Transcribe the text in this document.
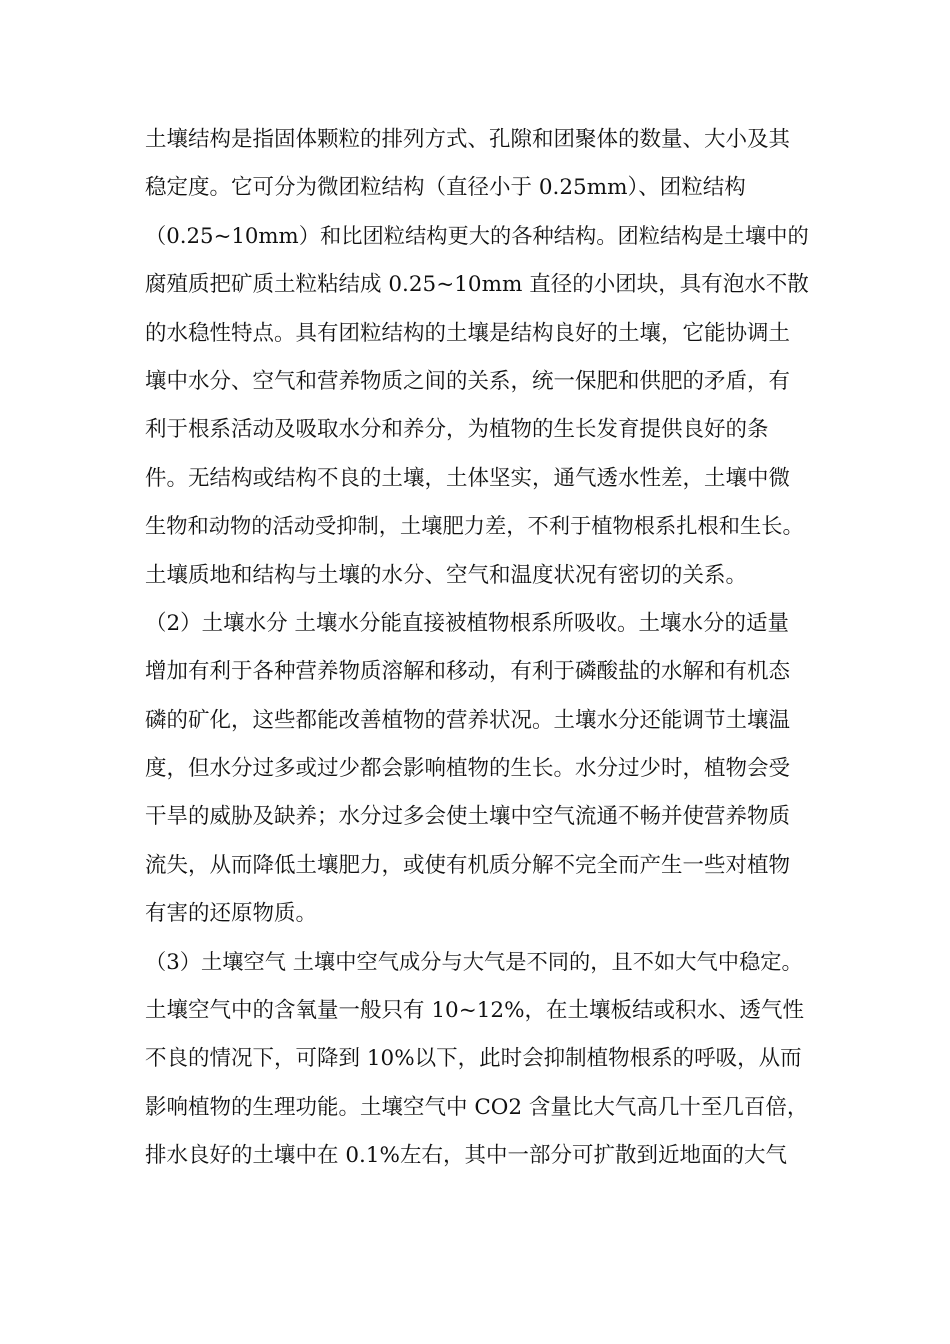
土壤结构是指固体颗粒的排列方式、孔隙和团聚体的数量、大小及其
稳定度。它可分为微团粒结构（直径小于 0.25mm）、团粒结构
（0.25~10mm）和比团粒结构更大的各种结构。团粒结构是土壤中的
腐殖质把矿质土粒粘结成 0.25~10mm 直径的小团块，具有泡水不散
的水稳性特点。具有团粒结构的土壤是结构良好的土壤，它能协调土
壤中水分、空气和营养物质之间的关系，统一保肥和供肥的矛盾，有
利于根系活动及吸取水分和养分，为植物的生长发育提供良好的条
件。无结构或结构不良的土壤，土体坚实，通气透水性差，土壤中微
生物和动物的活动受抑制，土壤肥力差，不利于植物根系扎根和生长。
土壤质地和结构与土壤的水分、空气和温度状况有密切的关系。
（2）土壤水分 土壤水分能直接被植物根系所吸收。土壤水分的适量
增加有利于各种营养物质溶解和移动，有利于磷酸盐的水解和有机态
磷的矿化，这些都能改善植物的营养状况。土壤水分还能调节土壤温
度，但水分过多或过少都会影响植物的生长。水分过少时，植物会受
干旱的威胁及缺养；水分过多会使土壤中空气流通不畅并使营养物质
流失，从而降低土壤肥力，或使有机质分解不完全而产生一些对植物
有害的还原物质。
（3）土壤空气 土壤中空气成分与大气是不同的，且不如大气中稳定。
土壤空气中的含氧量一般只有 10~12%，在土壤板结或积水、透气性
不良的情况下，可降到 10%以下，此时会抑制植物根系的呼吸，从而
影响植物的生理功能。土壤空气中 CO2 含量比大气高几十至几百倍，
排水良好的土壤中在 0.1%左右，其中一部分可扩散到近地面的大气
